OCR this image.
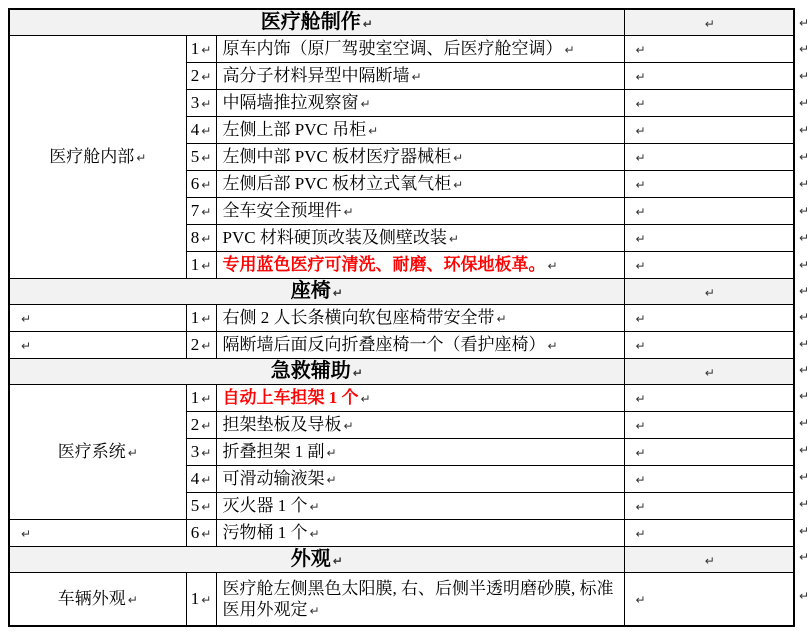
医疗舱制作 ↵			↵
医疗舱内部 ↵	1 ↵	原车内饰（原厂驾驶室空调、后医疗舱空调） ↵	↵
	2 ↵	高分子材料异型中隔断墙 ↵	↵
	3 ↵	中隔墙推拉观察窗 ↵	↵
	4 ↵	左侧上部 PVC 吊柜 ↵	↵
	5 ↵	左侧中部 PVC 板材医疗器械柜 ↵	↵
	6 ↵	左侧后部 PVC 板材立式氧气柜 ↵	↵
	7 ↵	全车安全预埋件 ↵	↵
	8 ↵	PVC 材料硬顶改装及侧壁改装 ↵	↵
	1 ↵	专用蓝色医疗可清洗、耐磨、环保地板革。 ↵	↵
座椅 ↵			↵
↵	1 ↵	右侧 2 人长条横向软包座椅带安全带 ↵	↵
↵	2 ↵	隔断墙后面反向折叠座椅一个（看护座椅） ↵	↵
急救辅助 ↵			↵
医疗系统 ↵	1 ↵	自动上车担架 1 个 ↵	↵
	2 ↵	担架垫板及导板 ↵	↵
	3 ↵	折叠担架 1 副 ↵	↵
	4 ↵	可滑动输液架 ↵	↵
	5 ↵	灭火器 1 个 ↵	↵
↵	6 ↵	污物桶 1 个 ↵	↵
外观 ↵			↵
车辆外观 ↵	1 ↵	医疗舱左侧黑色太阳膜, 右、后侧半透明磨砂膜, 标准医用外观定 ↵	↵
↵
↵
↵
↵
↵
↵
↵
↵
↵
↵
↵
↵
↵
↵
↵
↵
↵
↵
↵
↵
↵
↵
